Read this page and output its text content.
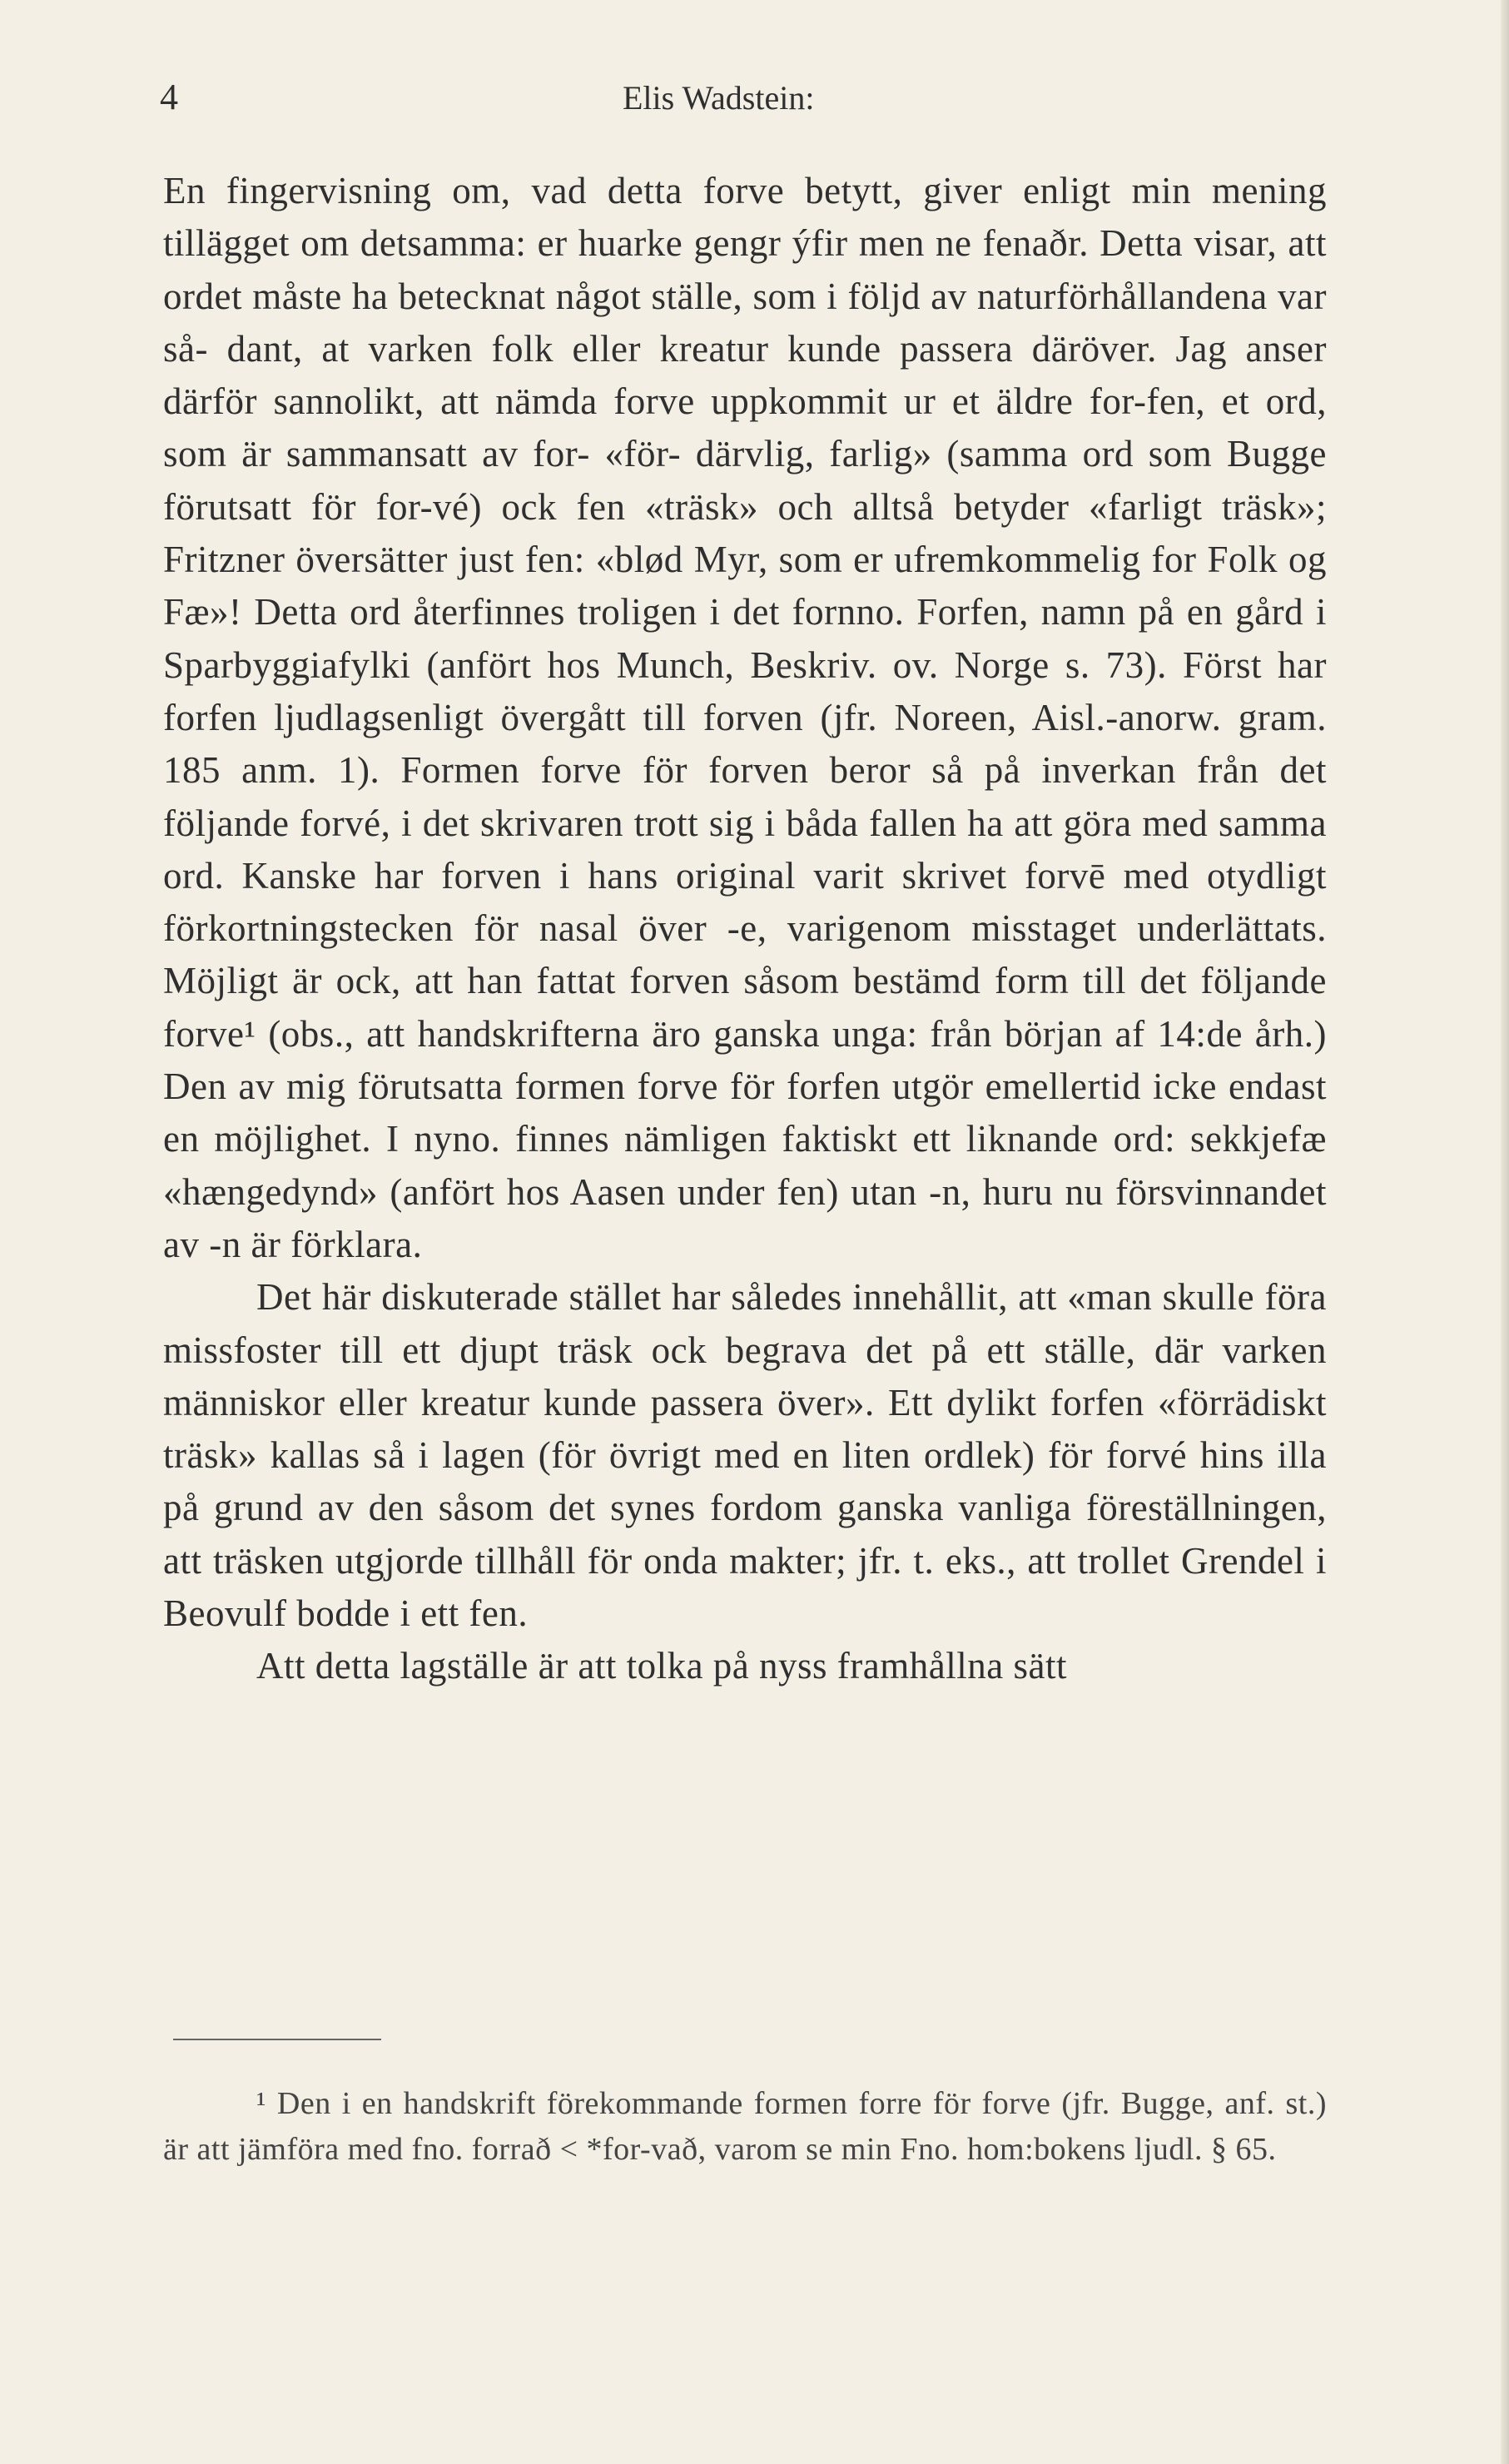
4	Elis Wadstein:

En fingervisning om, vad detta forve betytt, giver enligt min mening tillägget om detsamma: er huarke gengr ýfir men ne fenaðr. Detta visar, att ordet måste ha betecknat något ställe, som i följd av naturförhållandena var så- dant, at varken folk eller kreatur kunde passera däröver. Jag anser därför sannolikt, att nämda forve uppkommit ur et äldre for-fen, et ord, som är sammansatt av for- «för- därvlig, farlig» (samma ord som Bugge förutsatt för for-vé) ock fen «träsk» och alltså betyder «farligt träsk»; Fritzner översätter just fen: «blød Myr, som er ufremkommelig for Folk og Fæ»! Detta ord återfinnes troligen i det fornno. Forfen, namn på en gård i Sparbyggiafylki (anfört hos Munch, Beskriv. ov. Norge s. 73). Först har forfen ljudlagsenligt övergått till forven (jfr. Noreen, Aisl.-anorw. gram. 185 anm. 1). Formen forve för forven beror så på inverkan från det följande forvé, i det skrivaren trott sig i båda fallen ha att göra med samma ord. Kanske har forven i hans original varit skrivet forvē med otydligt förkortningstecken för nasal över -e, varigenom misstaget underlättats. Möjligt är ock, att han fattat forven såsom bestämd form till det följande forve¹ (obs., att handskrifterna äro ganska unga: från början af 14:de årh.) Den av mig förutsatta formen forve för forfen utgör emellertid icke endast en möjlighet. I nyno. finnes nämligen faktiskt ett liknande ord: sekkjefæ «hængedynd» (anfört hos Aasen under fen) utan -n, huru nu försvinnandet av -n är förklara.

Det här diskuterade stället har således innehållit, att «man skulle föra missfoster till ett djupt träsk ock begrava det på ett ställe, där varken människor eller kreatur kunde passera över». Ett dylikt forfen «förrädiskt träsk» kallas så i lagen (för övrigt med en liten ordlek) för forvé hins illa på grund av den såsom det synes fordom ganska vanliga föreställningen, att träsken utgjorde tillhåll för onda makter; jfr. t. eks., att trollet Grendel i Beovulf bodde i ett fen.

Att detta lagställe är att tolka på nyss framhållna sätt

¹ Den i en handskrift förekommande formen forre för forve (jfr. Bugge, anf. st.) är att jämföra med fno. forrað < *for-vað, varom se min Fno. hom:bokens ljudl. § 65.
